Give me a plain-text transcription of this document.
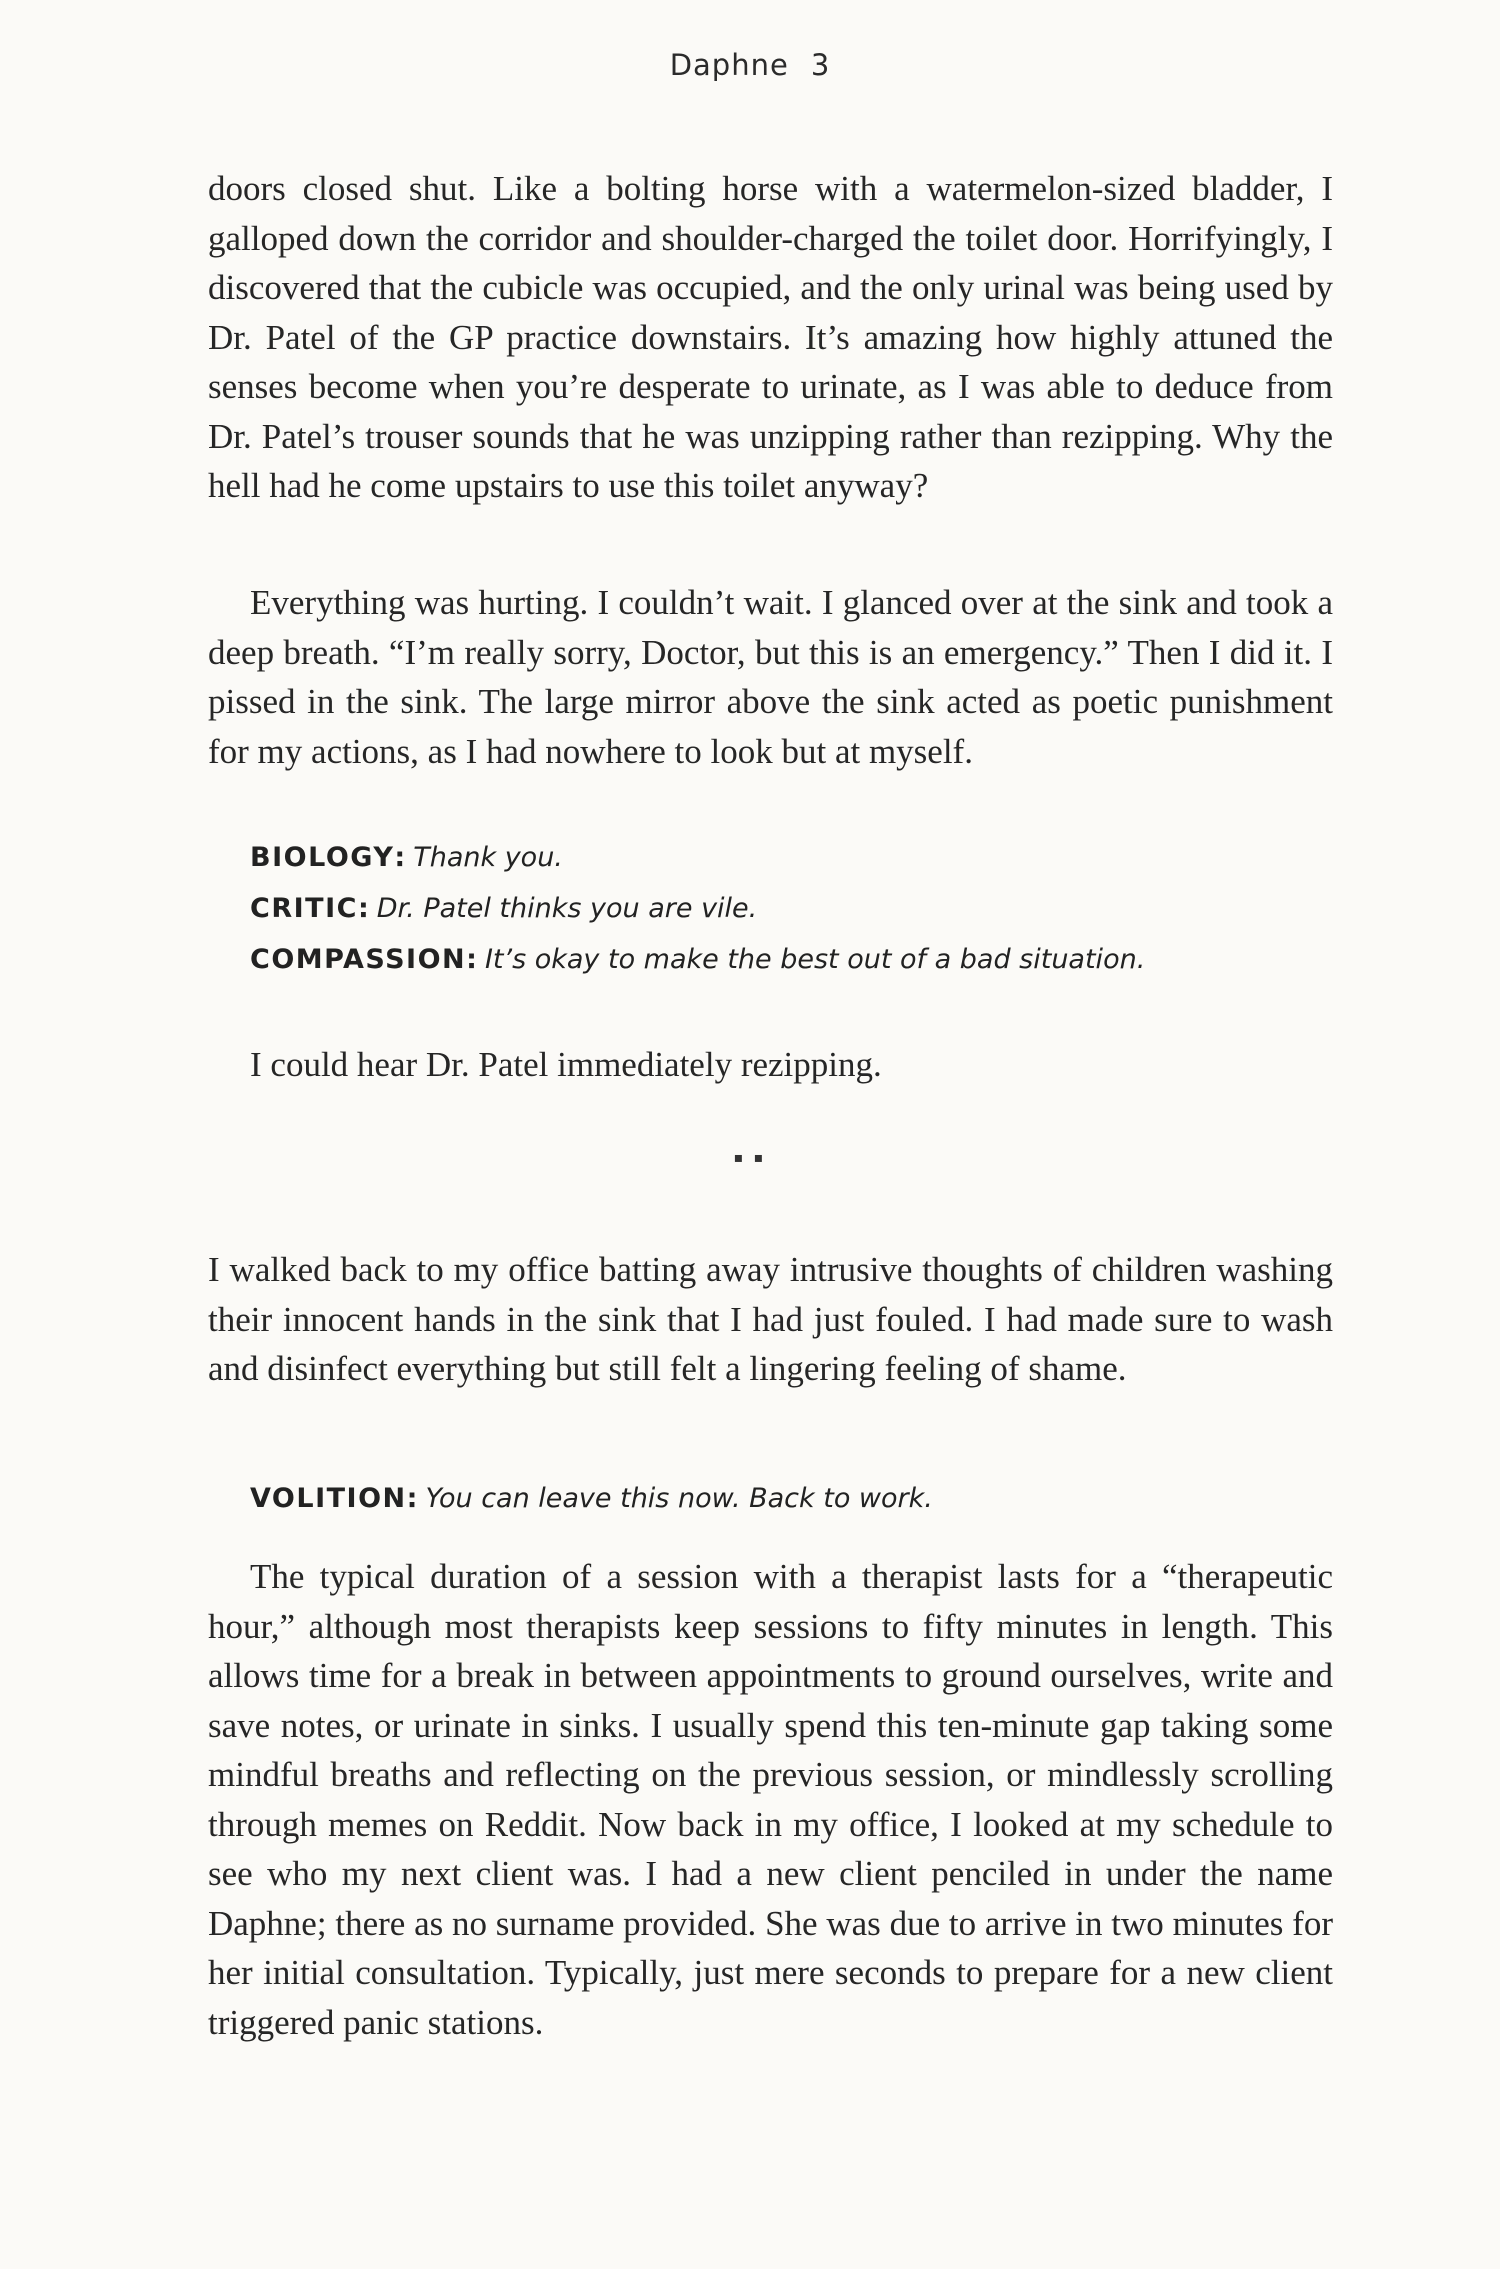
Daphne 3

doors closed shut. Like a bolting horse with a watermelon-sized bladder, I galloped down the corridor and shoulder-charged the toilet door. Horrifyingly, I discovered that the cubicle was occupied, and the only urinal was being used by Dr. Patel of the GP practice downstairs. It’s amazing how highly attuned the senses become when you’re desperate to urinate, as I was able to deduce from Dr. Patel’s trouser sounds that he was unzipping rather than rezipping. Why the hell had he come upstairs to use this toilet anyway?

Everything was hurting. I couldn’t wait. I glanced over at the sink and took a deep breath. “I’m really sorry, Doctor, but this is an emergency.” Then I did it. I pissed in the sink. The large mirror above the sink acted as poetic punishment for my actions, as I had nowhere to look but at myself.

BIOLOGY: Thank you.
CRITIC: Dr. Patel thinks you are vile.
COMPASSION: It’s okay to make the best out of a bad situation.

I could hear Dr. Patel immediately rezipping.

▪ ▪

I walked back to my office batting away intrusive thoughts of children washing their innocent hands in the sink that I had just fouled. I had made sure to wash and disinfect everything but still felt a lingering feeling of shame.

VOLITION: You can leave this now. Back to work.

The typical duration of a session with a therapist lasts for a “therapeutic hour,” although most therapists keep sessions to fifty minutes in length. This allows time for a break in between appointments to ground ourselves, write and save notes, or urinate in sinks. I usually spend this ten-minute gap taking some mindful breaths and reflecting on the previous session, or mindlessly scrolling through memes on Reddit. Now back in my office, I looked at my schedule to see who my next client was. I had a new client penciled in under the name Daphne; there as no surname provided. She was due to arrive in two minutes for her initial consultation. Typically, just mere seconds to prepare for a new client triggered panic stations.
